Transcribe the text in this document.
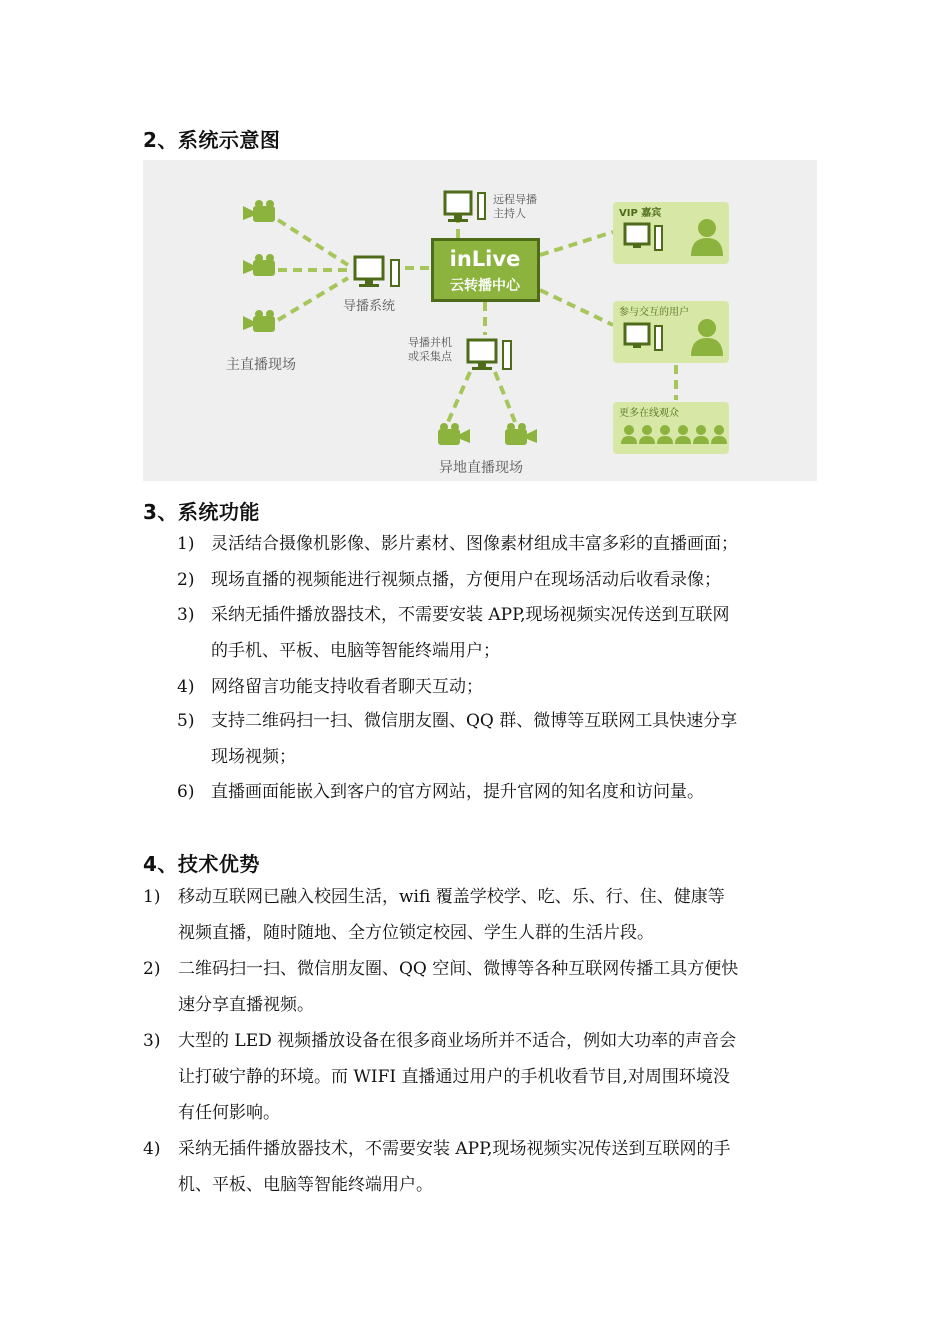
2、系统示意图
inLive
云转播中心
远程导播
主持人
导播系统
主直播现场
导播并机
或采集点
异地直播现场
VIP 嘉宾
参与交互的用户
更多在线观众
3、系统功能
1) 灵活结合摄像机影像、影片素材、图像素材组成丰富多彩的直播画面；
2) 现场直播的视频能进行视频点播，方便用户在现场活动后收看录像；
3) 采纳无插件播放器技术，不需要安装 APP,现场视频实况传送到互联网
的手机、平板、电脑等智能终端用户；
4) 网络留言功能支持收看者聊天互动；
5) 支持二维码扫一扫、微信朋友圈、QQ 群、微博等互联网工具快速分享
现场视频；
6) 直播画面能嵌入到客户的官方网站，提升官网的知名度和访问量。
4、技术优势
1) 移动互联网已融入校园生活，wifi 覆盖学校学、吃、乐、行、住、健康等
视频直播，随时随地、全方位锁定校园、学生人群的生活片段。
2) 二维码扫一扫、微信朋友圈、QQ 空间、微博等各种互联网传播工具方便快
速分享直播视频。
3) 大型的 LED 视频播放设备在很多商业场所并不适合，例如大功率的声音会
让打破宁静的环境。而 WIFI 直播通过用户的手机收看节目,对周围环境没
有任何影响。
4) 采纳无插件播放器技术，不需要安装 APP,现场视频实况传送到互联网的手
机、平板、电脑等智能终端用户。
